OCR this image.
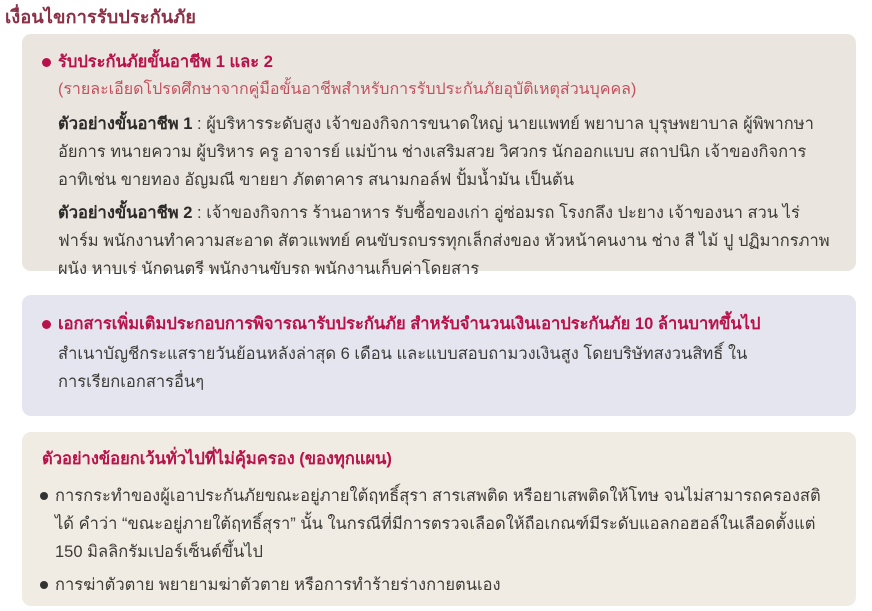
เงื่อนไขการรับประกันภัย
รับประกันภัยขั้นอาชีพ 1 และ 2
(รายละเอียดโปรดศึกษาจากคู่มือขั้นอาชีพสำหรับการรับประกันภัยอุบัติเหตุส่วนบุคคล)

ตัวอย่างขั้นอาชีพ 1 : ผู้บริหารระดับสูง เจ้าของกิจการขนาดใหญ่ นายแพทย์ พยาบาล บุรุษพยาบาล ผู้พิพากษา อัยการ ทนายความ ผู้บริหาร ครู อาจารย์ แม่บ้าน ช่างเสริมสวย วิศวกร นักออกแบบ สถาปนิก เจ้าของกิจการ อาทิเช่น ขายทอง อัญมณี ขายยา ภัตตาคาร สนามกอล์ฟ ปั้มน้ำมัน เป็นต้น

ตัวอย่างขั้นอาชีพ 2 : เจ้าของกิจการ ร้านอาหาร รับซื้อของเก่า อู่ซ่อมรถ โรงกลึง ปะยาง เจ้าของนา สวน ไร่ ฟาร์ม พนักงานทำความสะอาด สัตวแพทย์ คนขับรถบรรทุกเล็กส่งของ หัวหน้าคนงาน ช่าง สี ไม้ ปู ปฏิมากรภาพผนัง หาบเร่ นักดนตรี พนักงานขับรถ พนักงานเก็บค่าโดยสาร

เอกสารเพิ่มเติมประกอบการพิจารณารับประกันภัย สำหรับจำนวนเงินเอาประกันภัย 10 ล้านบาทขึ้นไป

สำเนาบัญชีกระแสรายวันย้อนหลังล่าสุด 6 เดือน และแบบสอบถามวงเงินสูง โดยบริษัทสงวนสิทธิ์ ในการเรียกเอกสารอื่นๆ

ตัวอย่างข้อยกเว้นทั่วไปที่ไม่คุ้มครอง (ของทุกแผน)
การกระทำของผู้เอาประกันภัยขณะอยู่ภายใต้ฤทธิ์สุรา สารเสพติด หรือยาเสพติดให้โทษ จนไม่สามารถครองสติได้ คำว่า “ขณะอยู่ภายใต้ฤทธิ์สุรา” นั้น ในกรณีที่มีการตรวจเลือดให้ถือเกณฑ์มีระดับแอลกอฮอล์ในเลือดตั้งแต่ 150 มิลลิกรัมเปอร์เซ็นต์ขึ้นไป
การฆ่าตัวตาย พยายามฆ่าตัวตาย หรือการทำร้ายร่างกายตนเอง
